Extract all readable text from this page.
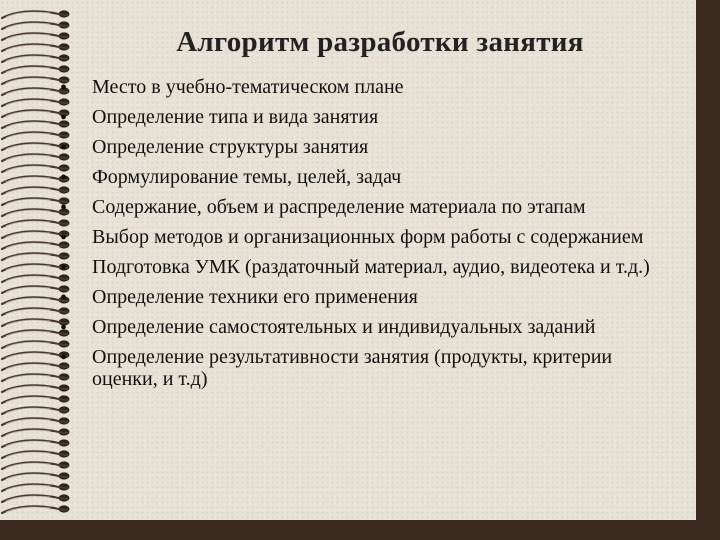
Алгоритм разработки занятия
• Место в учебно-тематическом плане
• Определение типа и вида занятия
• Определение структуры занятия
• Формулирование темы, целей, задач
• Содержание, объем и распределение материала по этапам
• Выбор методов и организационных форм работы с содержанием
• Подготовка УМК (раздаточный материал, аудио, видеотека и т.д.)
• Определение техники его применения
• Определение самостоятельных и индивидуальных заданий
• Определение результативности занятия (продукты, критерии оценки, и т.д)
